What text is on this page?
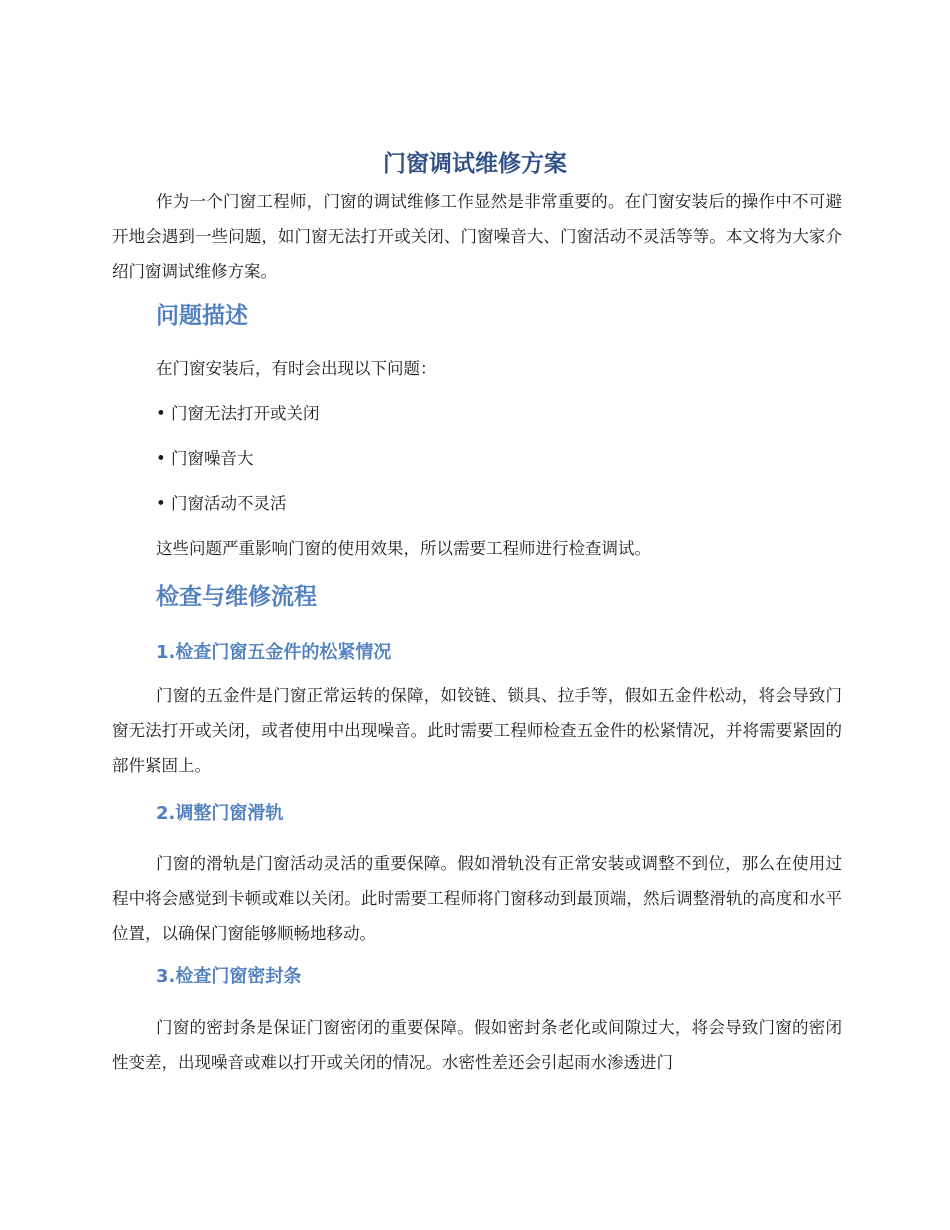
门窗调试维修方案
作为一个门窗工程师，门窗的调试维修工作显然是非常重要的。在门窗安装后的操作中不可避开地会遇到一些问题，如门窗无法打开或关闭、门窗噪音大、门窗活动不灵活等等。本文将为大家介绍门窗调试维修方案。
问题描述
在门窗安装后，有时会出现以下问题：
• 门窗无法打开或关闭
• 门窗噪音大
• 门窗活动不灵活
这些问题严重影响门窗的使用效果，所以需要工程师进行检查调试。
检查与维修流程
1.检查门窗五金件的松紧情况
门窗的五金件是门窗正常运转的保障，如铰链、锁具、拉手等，假如五金件松动，将会导致门窗无法打开或关闭，或者使用中出现噪音。此时需要工程师检查五金件的松紧情况，并将需要紧固的部件紧固上。
2.调整门窗滑轨
门窗的滑轨是门窗活动灵活的重要保障。假如滑轨没有正常安装或调整不到位，那么在使用过程中将会感觉到卡顿或难以关闭。此时需要工程师将门窗移动到最顶端，然后调整滑轨的高度和水平位置，以确保门窗能够顺畅地移动。
3.检查门窗密封条
门窗的密封条是保证门窗密闭的重要保障。假如密封条老化或间隙过大，将会导致门窗的密闭性变差，出现噪音或难以打开或关闭的情况。水密性差还会引起雨水渗透进门
